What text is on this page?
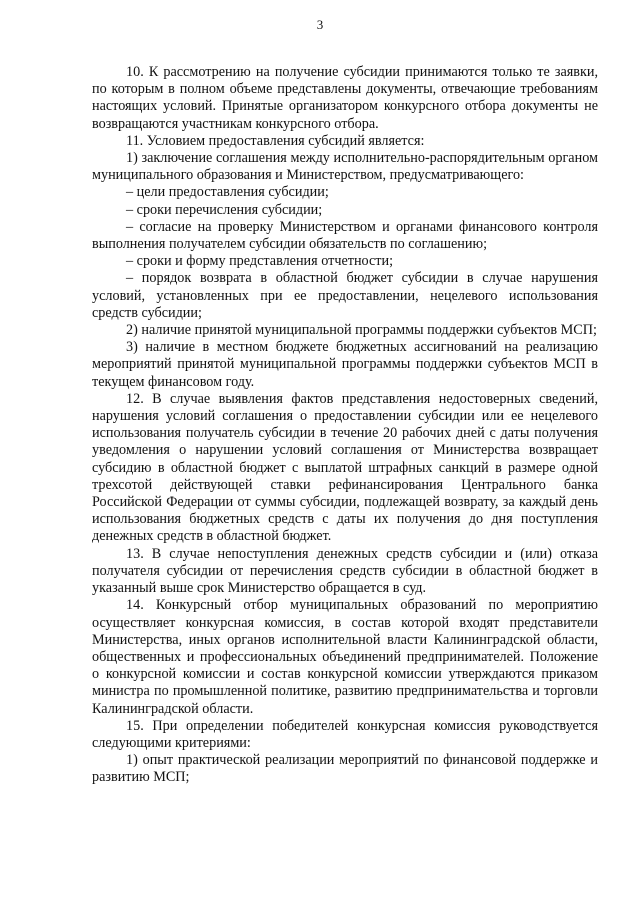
3

10. К рассмотрению на получение субсидии принимаются только те заявки, по которым в полном объеме представлены документы, отвечающие требованиям настоящих условий. Принятые организатором конкурсного отбора документы не возвращаются участникам конкурсного отбора.

11. Условием предоставления субсидий является:

1) заключение соглашения между исполнительно-распорядительным органом муниципального образования и Министерством, предусматривающего:

– цели предоставления субсидии;

– сроки перечисления субсидии;

– согласие на проверку Министерством и органами финансового контроля выполнения получателем субсидии обязательств по соглашению;

– сроки и форму представления отчетности;

– порядок возврата в областной бюджет субсидии в случае нарушения условий, установленных при ее предоставлении, нецелевого использования средств субсидии;

2) наличие принятой муниципальной программы поддержки субъектов МСП;

3) наличие в местном бюджете бюджетных ассигнований на реализацию мероприятий принятой муниципальной программы поддержки субъектов МСП в текущем финансовом году.

12. В случае выявления фактов представления недостоверных сведений, нарушения условий соглашения о предоставлении субсидии или ее нецелевого использования получатель субсидии в течение 20 рабочих дней с даты получения уведомления о нарушении условий соглашения от Министерства возвращает субсидию в областной бюджет с выплатой штрафных санкций в размере одной трехсотой действующей ставки рефинансирования Центрального банка Российской Федерации от суммы субсидии, подлежащей возврату, за каждый день использования бюджетных средств с даты их получения до дня поступления денежных средств в областной бюджет.

13. В случае непоступления денежных средств субсидии и (или) отказа получателя субсидии от перечисления средств субсидии в областной бюджет в указанный выше срок Министерство обращается в суд.

14. Конкурсный отбор муниципальных образований по мероприятию осуществляет конкурсная комиссия, в состав которой входят представители Министерства, иных органов исполнительной власти Калининградской области, общественных и профессиональных объединений предпринимателей. Положение о конкурсной комиссии и состав конкурсной комиссии утверждаются приказом министра по промышленной политике, развитию предпринимательства и торговли Калининградской области.

15. При определении победителей конкурсная комиссия руководствуется следующими критериями:

1) опыт практической реализации мероприятий по финансовой поддержке и развитию МСП;
